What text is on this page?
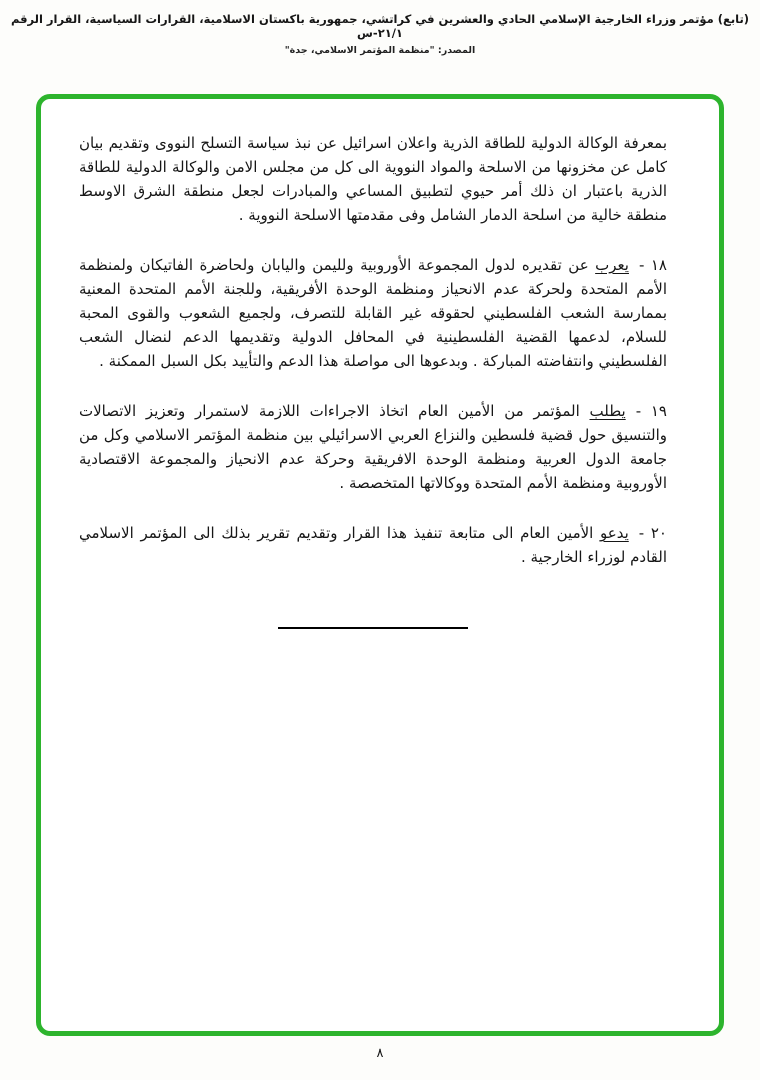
(تابع) مؤتمر وزراء الخارجية الإسلامي الحادي والعشرين في كراتشي، جمهورية باكستان الاسلامية، القرارات السياسية، القرار الرقم ٢١/١-س
المصدر: "منظمة المؤتمر الاسلامي، جدة"

بمعرفة الوكالة الدولية للطاقة الذرية واعلان اسرائيل عن نبذ سياسة التسلح النووى وتقديم بيان كامل عن مخزونها من الاسلحة والمواد النووية الى كل من مجلس الامن والوكالة الدولية للطاقة الذرية باعتبار ان ذلك أمر حيوي لتطبيق المساعي والمبادرات لجعل منطقة الشرق الاوسط منطقة خالية من اسلحة الدمار الشامل وفى مقدمتها الاسلحة النووية .

١٨ -يعرب عن تقديره لدول المجموعة الأوروبية ولليمن واليابان ولحاضرة الفاتيكان ولمنظمة الأمم المتحدة ولحركة عدم الانحياز ومنظمة الوحدة الأفريقية، وللجنة الأمم المتحدة المعنية بممارسة الشعب الفلسطيني لحقوقه غير القابلة للتصرف، ولجميع الشعوب والقوى المحبة للسلام، لدعمها القضية الفلسطينية في المحافل الدولية وتقديمها الدعم لنضال الشعب الفلسطيني وانتفاضته المباركة . وبدعوها الى مواصلة هذا الدعم والتأييد بكل السبل الممكنة .

١٩ -يطلب المؤتمر من الأمين العام اتخاذ الاجراءات اللازمة لاستمرار وتعزيز الاتصالات والتنسيق حول قضية فلسطين والنزاع العربي الاسرائيلي بين منظمة المؤتمر الاسلامي وكل من جامعة الدول العربية ومنظمة الوحدة الافريقية وحركة عدم الانحياز والمجموعة الاقتصادية الأوروبية ومنظمة الأمم المتحدة ووكالاتها المتخصصة .

٢٠ -يدعو الأمين العام الى متابعة تنفيذ هذا القرار وتقديم تقرير بذلك الى المؤتمر الاسلامي القادم لوزراء الخارجية .

٨
